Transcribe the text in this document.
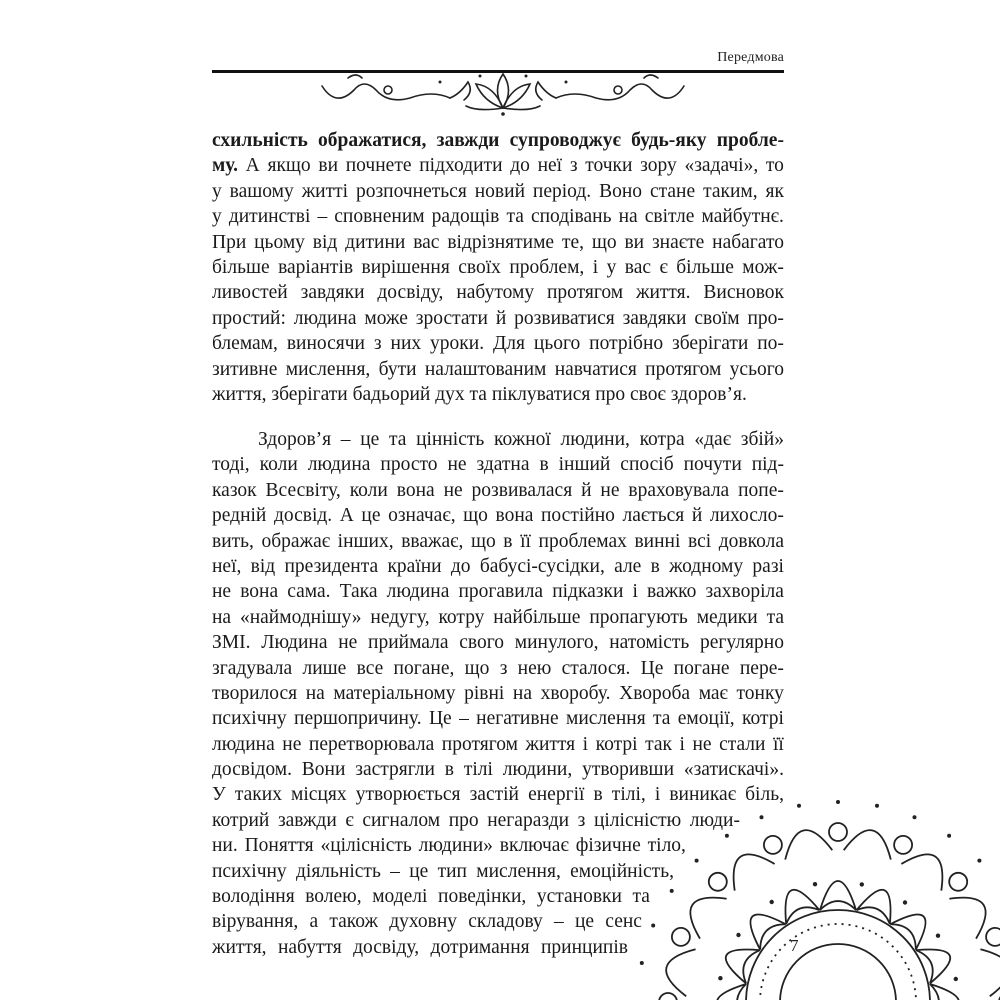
Передмова
схильність ображатися, завжди супроводжує будь-яку пробле-
му. А якщо ви почнете підходити до неї з точки зору «задачі», то
у вашому житті розпочнеться новий період. Воно стане таким, як
у дитинстві – сповненим радощів та сподівань на світле майбутнє.
При цьому від дитини вас відрізнятиме те, що ви знаєте набагато
більше варіантів вирішення своїх проблем, і у вас є більше мож-
ливостей завдяки досвіду, набутому протягом життя. Висновок
простий: людина може зростати й розвиватися завдяки своїм про-
блемам, виносячи з них уроки. Для цього потрібно зберігати по-
зитивне мислення, бути налаштованим навчатися протягом усього
життя,
зберігати
бадьорий
дух
та
піклуватися
про
своє
здоров’я.
Здоров’я – це та цінність кожної людини, котра «дає збій»
тоді, коли людина просто не здатна в інший спосіб почути під-
казок Всесвіту, коли вона не розвивалася й не враховувала попе-
редній досвід. А це означає, що вона постійно лається й лихосло-
вить, ображає інших, вважає, що в її проблемах винні всі довкола
неї, від президента країни до бабусі-сусідки, але в жодному разі
не вона сама. Така людина прогавила підказки і важко захворіла
на «наймоднішу» недугу, котру найбільше пропагують медики та
ЗМІ. Людина не приймала свого минулого, натомість регулярно
згадувала лише все погане, що з нею сталося. Це погане пере-
творилося на матеріальному рівні на хворобу. Хвороба має тонку
психічну першопричину. Це – негативне мислення та емоції, котрі
людина не перетворювала протягом життя і котрі так і не стали її
досвідом. Вони застрягли в тілі людини, утворивши «затискачі».
У таких місцях утворюється застій енергії в тілі, і виникає біль,
котрий завжди є сигналом про негаразди з цілісністю люди-
ни. Поняття «цілісність людини» включає фізичне тіло,
психічну діяльність – це тип мислення, емоційність,
володіння волею, моделі поведінки, установки та
вірування, а також духовну складову – це сенс
життя, набуття досвіду, дотримання принципів	7
